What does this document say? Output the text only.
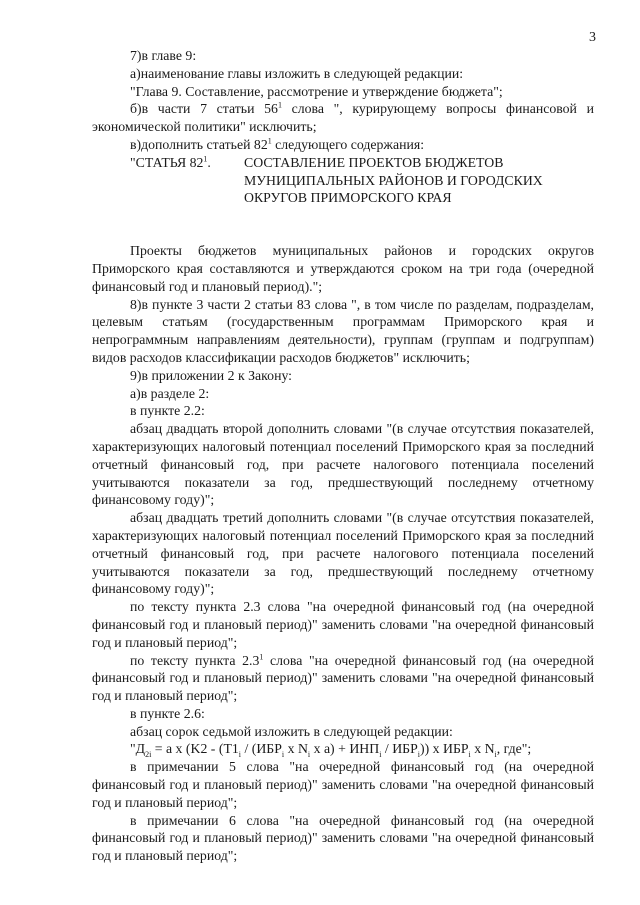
3

7)в главе 9:

а)наименование главы изложить в следующей редакции:

"Глава 9. Составление, рассмотрение и утверждение бюджета";

б)в части 7 статьи $56^1$ слова ", курирующему вопросы финансовой и экономической политики" исключить;

в)дополнить статьей $82^1$ следующего содержания:

"СТАТЬЯ $82^1$.	СОСТАВЛЕНИЕ ПРОЕКТОВ БЮДЖЕТОВ МУНИЦИПАЛЬНЫХ РАЙОНОВ И ГОРОДСКИХ ОКРУГОВ ПРИМОРСКОГО КРАЯ

Проекты бюджетов муниципальных районов и городских округов Приморского края составляются и утверждаются сроком на три года (очередной финансовый год и плановый период).";

8)в пункте 3 части 2 статьи 83 слова ", в том числе по разделам, подразделам, целевым статьям (государственным программам Приморского края и непрограммным направлениям деятельности), группам (группам и подгруппам) видов расходов классификации расходов бюджетов" исключить;

9)в приложении 2 к Закону:

а)в разделе 2:

в пункте 2.2:

абзац двадцать второй дополнить словами "(в случае отсутствия показателей, характеризующих налоговый потенциал поселений Приморского края за последний отчетный финансовый год, при расчете налогового потенциала поселений учитываются показатели за год, предшествующий последнему отчетному финансовому году)";

абзац двадцать третий дополнить словами "(в случае отсутствия показателей, характеризующих налоговый потенциал поселений Приморского края за последний отчетный финансовый год, при расчете налогового потенциала поселений учитываются показатели за год, предшествующий последнему отчетному финансовому году)";

по тексту пункта 2.3 слова "на очередной финансовый год (на очередной финансовый год и плановый период)" заменить словами "на очередной финансовый год и плановый период";

по тексту пункта $2.3^1$ слова "на очередной финансовый год (на очередной финансовый год и плановый период)" заменить словами "на очередной финансовый год и плановый период";

в пункте 2.6:

абзац сорок седьмой изложить в следующей редакции:

"$Д_{2i} = a$ x ($K2 - (T1_i / (ИБР_i$ x $N_i$ x $a) + ИНП_i / ИБР_i$)) x $ИБР_i$ x $N_i$, где";

в примечании 5 слова "на очередной финансовый год (на очередной финансовый год и плановый период)" заменить словами "на очередной финансовый год и плановый период";

в примечании 6 слова "на очередной финансовый год (на очередной финансовый год и плановый период)" заменить словами "на очередной финансовый год и плановый период";
